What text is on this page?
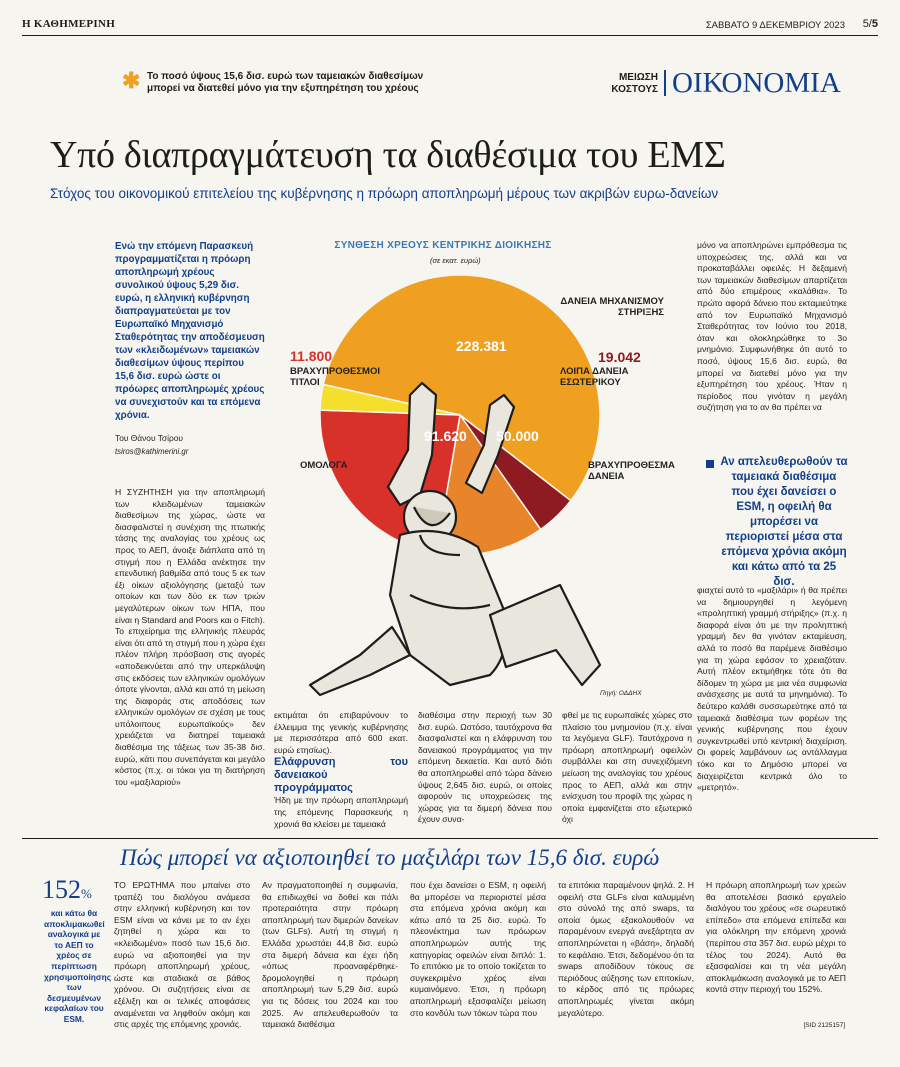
Η ΚΑΘΗΜΕΡΙΝΗ	ΣΑΒΒΑΤΟ 9 ΔΕΚΕΜΒΡΙΟΥ 2023 5/5
✱ Το ποσό ύψους 15,6 δισ. ευρώ των ταμειακών διαθεσίμων μπορεί να διατεθεί μόνο για την εξυπηρέτηση του χρέους
ΜΕΙΩΣΗ
ΚΟΣΤΟΥΣ ΟΙΚΟΝΟΜΙΑ
Υπό διαπραγμάτευση τα διαθέσιμα του ΕΜΣ
Στόχος του οικονομικού επιτελείου της κυβέρνησης η πρόωρη αποπληρωμή μέρους των ακριβών ευρω-δανείων

Ενώ την επόμενη Παρασκευή προγραμματίζεται η πρόωρη αποπληρωμή χρέους συνολικού ύψους 5,29 δισ. ευρώ, η ελληνική κυβέρνηση διαπραγματεύεται με τον Ευρωπαϊκό Μηχανισμό Σταθερότητας την αποδέσμευση των «κλειδωμένων» ταμειακών διαθεσίμων ύψους περίπου 15,6 δισ. ευρώ ώστε οι πρόωρες αποπληρωμές χρέους να συνεχιστούν και τα επόμενα χρόνια.

Του Θάνου Τσίρου

tsiros@kathimerini.gr

Η ΣΥΖΗΤΗΣΗ για την αποπληρωμή των κλειδωμένων ταμειακών διαθεσίμων της χώρας, ώστε να διασφαλιστεί η συνέχιση της πτωτικής τάσης της αναλογίας του χρέους ως προς το ΑΕΠ, άνοιξε διάπλατα από τη στιγμή που η Ελλάδα ανέκτησε την επενδυτική βαθμίδα από τους 5 εκ των έξι οίκων αξιολόγησης (μεταξύ των οποίων και των δύο εκ των τριών μεγαλύτερων οίκων των ΗΠΑ, που είναι η Standard and Poors και ο Fitch). Το επιχείρημα της ελληνικής πλευράς είναι ότι από τη στιγμή που η χώρα έχει πλέον πλήρη πρόσβαση στις αγορές «αποδεικνύεται από την υπερκάλυψη στις εκδόσεις των ελληνικών ομολόγων όποτε γίνονται, αλλά και από τη μείωση της διαφοράς στις αποδόσεις των ελληνικών ομολόγων σε σχέση με τους υπόλοιπους ευρωπαϊκούς» δεν χρειάζεται να διατηρεί ταμειακά διαθέσιμα της τάξεως των 35-38 δισ. ευρώ, κάτι που συνεπάγεται και μεγάλο κόστος (π.χ. οι τόκοι για τη διατήρηση του «μαξιλαριού»

ΣΥΝΘΕΣΗ ΧΡΕΟΥΣ ΚΕΝΤΡΙΚΗΣ ΔΙΟΙΚΗΣΗΣ
(σε εκατ. ευρώ)
228.381
ΔΑΝΕΙΑ ΜΗΧΑΝΙΣΜΟΥ ΣΤΗΡΙΞΗΣ
19.042
ΛΟΙΠΑ ΔΑΝΕΙΑ ΕΣΩΤΕΡΙΚΟΥ
50.000
ΒΡΑΧΥΠΡΟΘΕΣΜΑ ΔΑΝΕΙΑ
91.620
ΟΜΟΛΟΓΑ
11.800
ΒΡΑΧΥΠΡΟΘΕΣΜΟΙ ΤΙΤΛΟΙ
Πηγή: ΟΔΔΗΧ

μόνο να αποπληρώνει εμπρόθεσμα τις υποχρεώσεις της, αλλά και να προκαταβάλλει οφειλές. Η δεξαμενή των ταμειακών διαθεσίμων απαρτίζεται από δύο επιμέρους «καλάθια». Το πρώτο αφορά δάνειο που εκταμιεύτηκε από τον Ευρωπαϊκό Μηχανισμό Σταθερότητας τον Ιούνιο του 2018, όταν και ολοκληρώθηκε το 3ο μνημόνιο. Συμφωνήθηκε ότι αυτό το ποσό, ύψους 15,6 δισ. ευρώ, θα μπορεί να διατεθεί μόνο για την εξυπηρέτηση του χρέους. Ήταν η περίοδος που γινόταν η μεγάλη συζήτηση για το αν θα πρέπει να

Αν απελευθερωθούν τα ταμειακά διαθέσιμα που έχει δανείσει ο ESM, η οφειλή θα μπορέσει να περιοριστεί μέσα στα επόμενα χρόνια ακόμη και κάτω από τα 25 δισ.

φιαχτεί αυτό το «μαξιλάρι» ή θα πρέπει να δημιουργηθεί η λεγόμενη «προληπτική γραμμή στήριξης» (π.χ. η διαφορά είναι ότι με την προληπτική γραμμή δεν θα γινόταν εκταμίευση, αλλά το ποσό θα παρέμενε διαθέσιμο για τη χώρα εφόσον το χρειαζόταν. Αυτή πλέον εκτιμήθηκε τότε ότι θα δίδομεν τη χώρα με μια νέα συμφωνία ανάσχεσης με αυτά τα μηνημόνια). Το δεύτερο καλάθι συσσωρεύτηκε από τα ταμειακά διαθέσιμα των φορέων της γενικής κυβέρνησης που έχουν συγκεντρωθεί υπό κεντρική διαχείριση. Οι φορείς λαμβάνουν ως αντάλλαγμα τόκο και το Δημόσιο μπορεί να διαχειρίζεται κεντρικά όλο το «μετρητό».

εκτιμάται ότι επιβαρύνουν το έλλειμμα της γενικής κυβέρνησης με περισσότερα από 600 εκατ. ευρώ ετησίως).

Ελάφρυνση του δανειακού προγράμματος

Ήδη με την πρόωρη αποπληρωμή της επόμενης Παρασκευής η χρονιά θα κλείσει με ταμειακά

διαθέσιμα στην περιοχή των 30 δισ. ευρώ. Ωστόσο, ταυτόχρονα θα διασφαλιστεί και η ελάφρυνση του δανειακού προγράμματος για την επόμενη δεκαετία. Και αυτό διότι θα αποπληρωθεί από τώρα δάνειο ύψους 2,645 δισ. ευρώ, οι οποίες αφορούν τις υποχρεώσεις της χώρας για τα διμερή δάνεια που έχουν συνα-

φθεί με τις ευρωπαϊκές χώρες στο πλαίσιο του μνημονίου (π.χ. είναι τα λεγόμενα GLF). Ταυτόχρονα η πρόωρη αποπληρωμή οφειλών συμβάλλει και στη συνεχιζόμενη μείωση της αναλογίας του χρέους προς το ΑΕΠ, αλλά και στην ενίσχυση του προφίλ της χώρας η οποία εμφανίζεται στο εξωτερικό όχι

Πώς μπορεί να αξιοποιηθεί το μαξιλάρι των 15,6 δισ. ευρώ
152%
και κάτω θα αποκλιμακωθεί αναλογικά με το ΑΕΠ το χρέος σε περίπτωση χρησιμοποίησης των δεσμευμένων κεφαλαίων του ESM.

ΤΟ ΕΡΩΤΗΜΑ που μπαίνει στο τραπέζι του διαλόγου ανάμεσα στην ελληνική κυβέρνηση και τον ESM είναι να κάνει με το αν έχει ζητηθεί η χώρα και το «κλειδωμένο» ποσό των 15,6 δισ. ευρώ να αξιοποιηθεί για την πρόωρη αποπληρωμή χρέους, ώστε και σταδιακά σε βάθος χρόνου. Οι συζητήσεις είναι σε εξέλιξη και οι τελικές αποφάσεις αναμένεται να ληφθούν ακόμη και στις αρχές της επόμενης χρονιάς.

Αν πραγματοποιηθεί η συμφωνία, θα επιδιωχθεί να δοθεί και πάλι προτεραιότητα στην πρόωρη αποπληρωμή των διμερών δανείων (των GLFs). Αυτή τη στιγμή η Ελλάδα χρωστάει 44,8 δισ. ευρώ στα διμερή δάνεια και έχει ήδη «όπως προαναφέρθηκε-δρομολογηθεί η πρόωρη αποπληρωμή των 5,29 δισ. ευρώ για τις δόσεις του 2024 και του 2025. Αν απελευθερωθούν τα ταμειακά διαθέσιμα

που έχει δανείσει ο ESM, η οφειλή θα μπορέσει να περιοριστεί μέσα στα επόμενα χρόνια ακόμη και κάτω από τα 25 δισ. ευρώ. Το πλεονέκτημα των πρόωρων αποπληρωμών αυτής της κατηγορίας οφειλών είναι διπλό: 1. Το επιτόκιο με το οποίο τοκίζεται το συγκεκριμένο χρέος είναι κυμαινόμενο. Έτσι, η πρόωρη αποπληρωμή εξασφαλίζει μείωση στο κονδύλι των τόκων τώρα που

τα επιτόκια παραμένουν ψηλά. 2. Η οφειλή στα GLFs είναι καλυμμένη στο σύνολό της από swaps, τα οποία όμως εξακολουθούν να παραμένουν ενεργά ανεξάρτητα αν αποπληρώνεται η «βάση», δηλαδή το κεφάλαιο. Έτσι, δεδομένου ότι τα swaps αποδίδουν τόκους σε περιόδους αύξησης των επιτοκίων, το κέρδος από τις πρόωρες αποπληρωμές γίνεται ακόμη μεγαλύτερο.

Η πρόωρη αποπληρωμή των χρεών θα αποτελέσει βασικό εργαλείο διαλόγου του χρέους «σε σωρευτικό επίπεδο» στα επόμενα επίπεδα και για ολόκληρη την επόμενη χρονιά (περίπου στα 357 δισ. ευρώ μέχρι το τέλος του 2024). Αυτό θα εξασφαλίσει και τη νέα μεγάλη αποκλιμάκωση αναλογικά με το ΑΕΠ κοντά στην περιοχή του 152%.

[SID 2125157]
